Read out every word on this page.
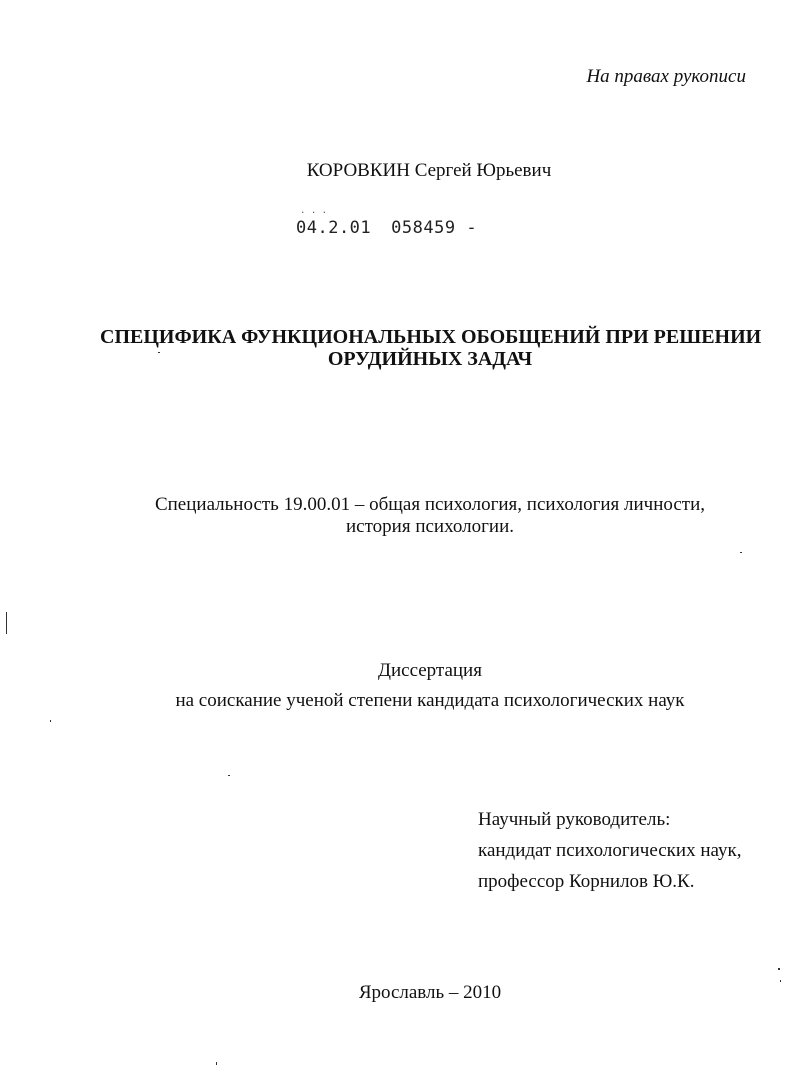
На правах рукописи
КОРОВКИН Сергей Юрьевич
. . .
04.2.01 058459 -
СПЕЦИФИКА ФУНКЦИОНАЛЬНЫХ ОБОБЩЕНИЙ ПРИ РЕШЕНИИ
ОРУДИЙНЫХ ЗАДАЧ
Специальность 19.00.01 – общая психология, психология личности,
история психологии.
Диссертация
на соискание ученой степени кандидата психологических наук
Научный руководитель:
кандидат психологических наук,
профессор Корнилов Ю.К.
Ярославль – 2010
